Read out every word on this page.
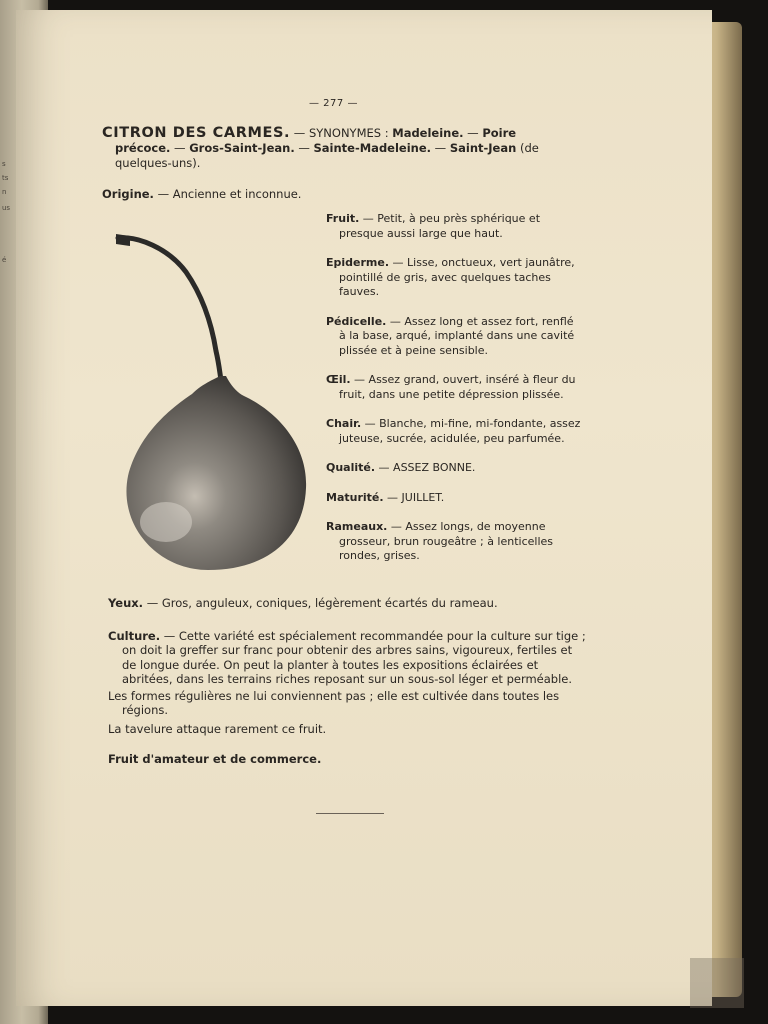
s
ts
n
us
é
— 277 —
CITRON DES CARMES. — SYNONYMES : Madeleine. — Poire
précoce. — Gros-Saint-Jean. — Sainte-Madeleine. — Saint-Jean (de quelques-uns).
Origine. — Ancienne et inconnue.
Fruit. — Petit, à peu près sphérique et presque aussi large que haut.
Epiderme. — Lisse, onctueux, vert jaunâtre, pointillé de gris, avec quelques taches fauves.
Pédicelle. — Assez long et assez fort, renflé à la base, arqué, implanté dans une cavité plissée et à peine sensible.
Œil. — Assez grand, ouvert, inséré à fleur du fruit, dans une petite dépression plissée.
Chair. — Blanche, mi-fine, mi-fondante, assez juteuse, sucrée, acidulée, peu parfumée.
Qualité. — ASSEZ BONNE.
Maturité. — JUILLET.
Rameaux. — Assez longs, de moyenne grosseur, brun rougeâtre ; à lenticelles rondes, grises.
Yeux. — Gros, anguleux, coniques, légèrement écartés du rameau.
Culture. — Cette variété est spécialement recommandée pour la culture sur tige ; on doit la greffer sur franc pour obtenir des arbres sains, vigoureux, fertiles et de longue durée. On peut la planter à toutes les expositions éclairées et abritées, dans les terrains riches reposant sur un sous-sol léger et perméable.
Les formes régulières ne lui conviennent pas ; elle est cultivée dans toutes les régions.
La tavelure attaque rarement ce fruit.
Fruit d'amateur et de commerce.
